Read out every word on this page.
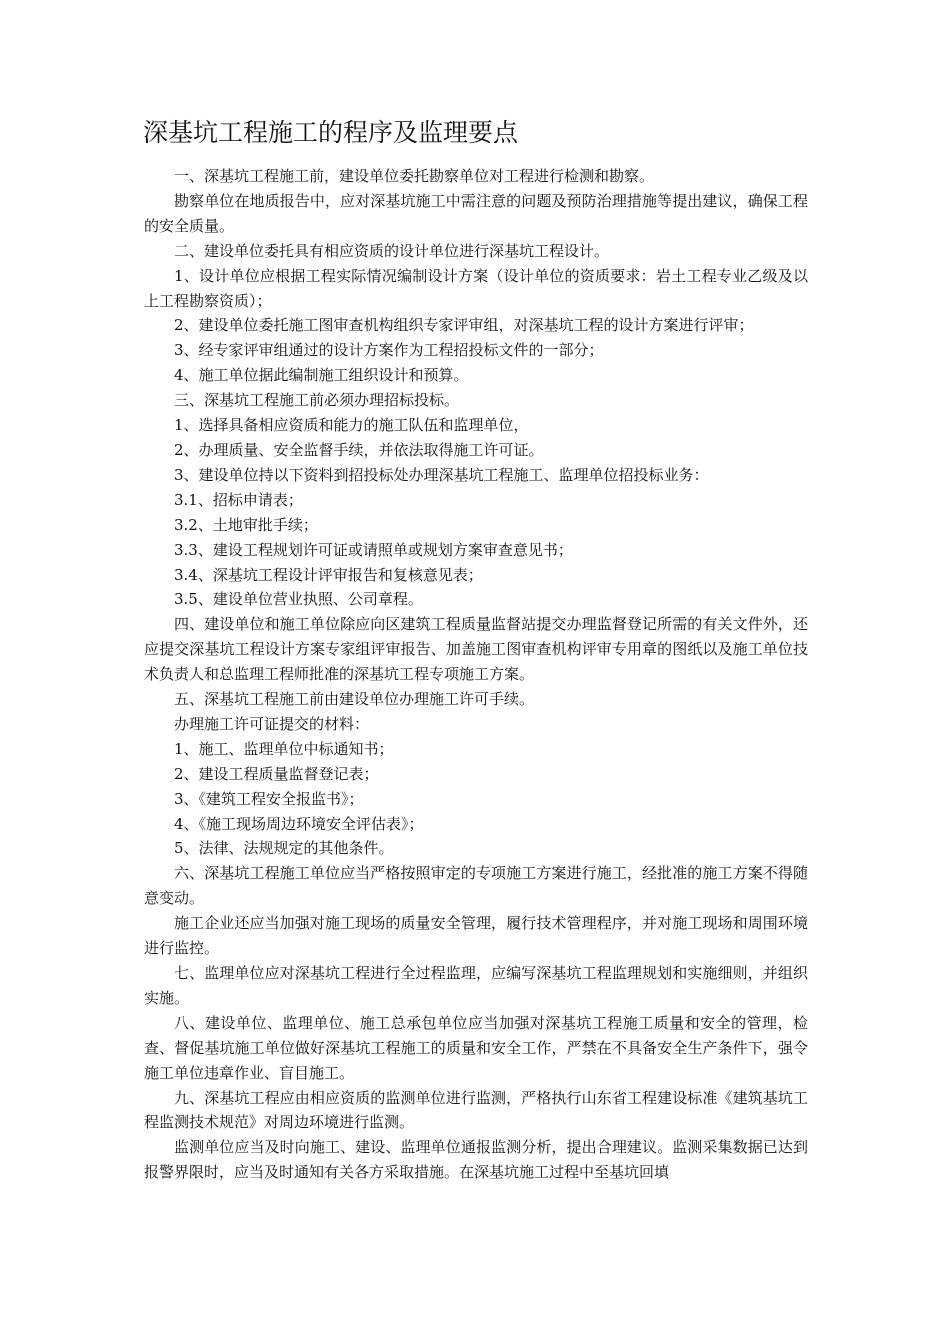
深基坑工程施工的程序及监理要点

一、深基坑工程施工前，建设单位委托勘察单位对工程进行检测和勘察。

勘察单位在地质报告中，应对深基坑施工中需注意的问题及预防治理措施等提出建议，确保工程的安全质量。

二、建设单位委托具有相应资质的设计单位进行深基坑工程设计。

1、设计单位应根据工程实际情况编制设计方案（设计单位的资质要求：岩土工程专业乙级及以上工程勘察资质）；

2、建设单位委托施工图审查机构组织专家评审组，对深基坑工程的设计方案进行评审；

3、经专家评审组通过的设计方案作为工程招投标文件的一部分；

4、施工单位据此编制施工组织设计和预算。

三、深基坑工程施工前必须办理招标投标。

1、选择具备相应资质和能力的施工队伍和监理单位，

2、办理质量、安全监督手续，并依法取得施工许可证。

3、建设单位持以下资料到招投标处办理深基坑工程施工、监理单位招投标业务：

3.1、招标申请表；

3.2、土地审批手续；

3.3、建设工程规划许可证或请照单或规划方案审查意见书；

3.4、深基坑工程设计评审报告和复核意见表；

3.5、建设单位营业执照、公司章程。

四、建设单位和施工单位除应向区建筑工程质量监督站提交办理监督登记所需的有关文件外，还应提交深基坑工程设计方案专家组评审报告、加盖施工图审查机构评审专用章的图纸以及施工单位技术负责人和总监理工程师批准的深基坑工程专项施工方案。

五、深基坑工程施工前由建设单位办理施工许可手续。

办理施工许可证提交的材料：

1、施工、监理单位中标通知书；

2、建设工程质量监督登记表；

3、《建筑工程安全报监书》；

4、《施工现场周边环境安全评估表》；

5、法律、法规规定的其他条件。

六、深基坑工程施工单位应当严格按照审定的专项施工方案进行施工，经批准的施工方案不得随意变动。

施工企业还应当加强对施工现场的质量安全管理，履行技术管理程序，并对施工现场和周围环境进行监控。

七、监理单位应对深基坑工程进行全过程监理，应编写深基坑工程监理规划和实施细则，并组织实施。

八、建设单位、监理单位、施工总承包单位应当加强对深基坑工程施工质量和安全的管理，检查、督促基坑施工单位做好深基坑工程施工的质量和安全工作，严禁在不具备安全生产条件下，强令施工单位违章作业、盲目施工。

九、深基坑工程应由相应资质的监测单位进行监测，严格执行山东省工程建设标准《建筑基坑工程监测技术规范》对周边环境进行监测。

监测单位应当及时向施工、建设、监理单位通报监测分析，提出合理建议。监测采集数据已达到报警界限时，应当及时通知有关各方采取措施。在深基坑施工过程中至基坑回填
